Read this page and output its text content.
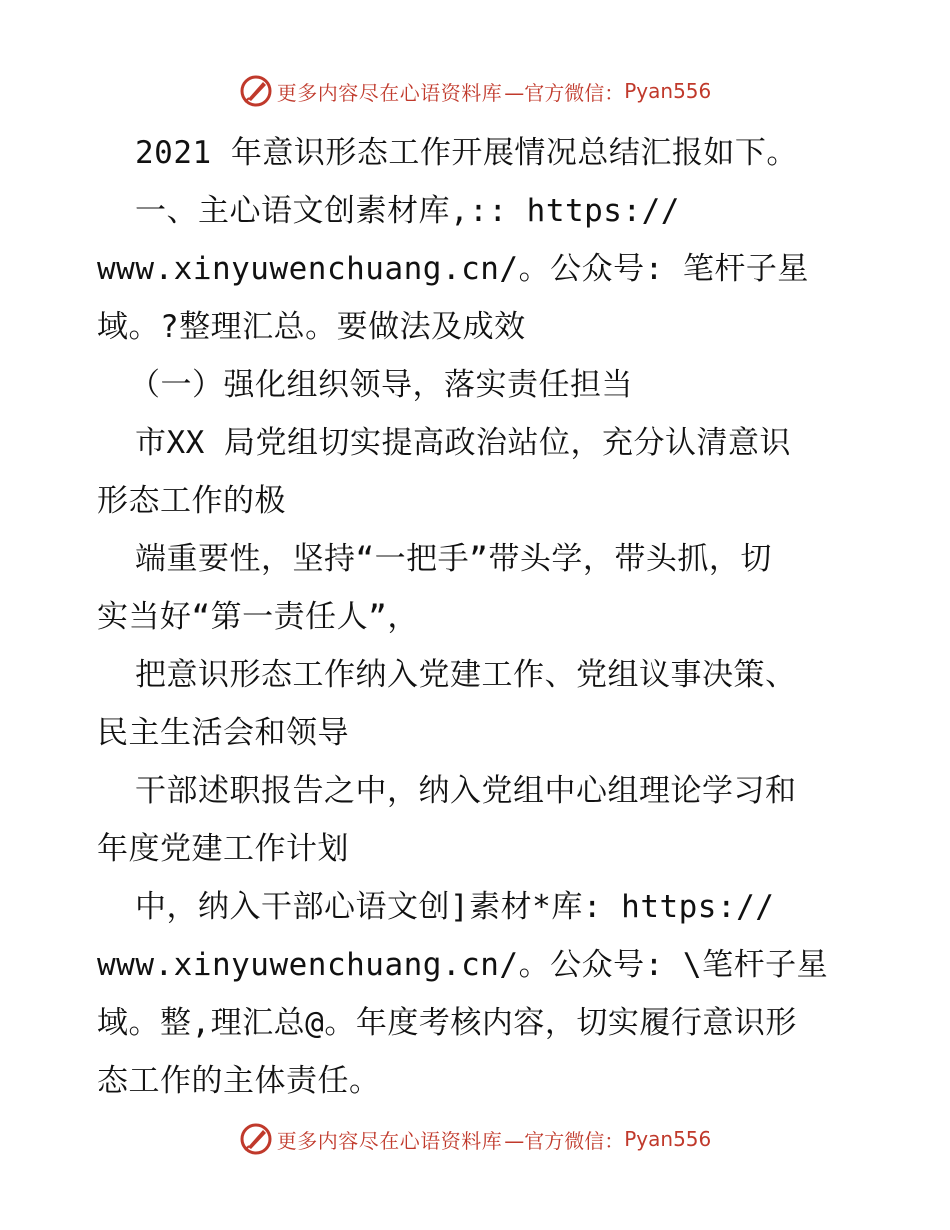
更多内容尽在心语资料库 —官方微信： Pyan556
2021 年意识形态工作开展情况总结汇报如下。
一、主心语文创素材库,:: https://
www.xinyuwenchuang.cn/。公众号: 笔杆子星
域。?整理汇总。要做法及成效
（一）强化组织领导，落实责任担当
市XX 局党组切实提高政治站位，充分认清意识
形态工作的极
端重要性，坚持“一把手”带头学，带头抓，切
实当好“第一责任人”，
把意识形态工作纳入党建工作、党组议事决策、
民主生活会和领导
干部述职报告之中，纳入党组中心组理论学习和
年度党建工作计划
中，纳入干部心语文创]素材*库: https://
www.xinyuwenchuang.cn/。公众号: \笔杆子星
域。整,理汇总@。年度考核内容，切实履行意识形
态工作的主体责任。
更多内容尽在心语资料库 —官方微信： Pyan556
